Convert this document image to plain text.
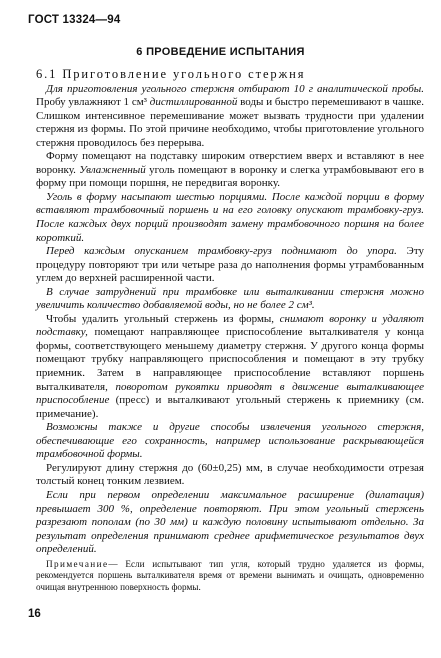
ГОСТ 13324—94
6 ПРОВЕДЕНИЕ ИСПЫТАНИЯ

6.1 Приготовление угольного стержня

Для приготовления угольного стержня отбирают 10 г аналитической пробы. Пробу увлажняют 1 см³ дистиллированной воды и быстро перемешивают в чашке. Слишком интенсивное перемешивание может вызвать трудности при удалении стержня из формы. По этой причине необходимо, чтобы приготовление угольного стержня проводилось без перерыва.

Форму помещают на подставку широким отверстием вверх и вставляют в нее воронку. Увлажненный уголь помещают в воронку и слегка утрамбовывают его в форму при помощи поршня, не передвигая воронку.

Уголь в форму насыпают шестью порциями. После каждой порции в форму вставляют трамбовочный поршень и на его головку опускают трамбовку-груз. После каждых двух порций производят замену трамбовочного поршня на более короткий.

Перед каждым опусканием трамбовку-груз поднимают до упора. Эту процедуру повторяют три или четыре раза до наполнения формы утрамбованным углем до верхней расширенной части.

В случае затруднений при трамбовке или выталкивании стержня можно увеличить количество добавляемой воды, но не более 2 см³.

Чтобы удалить угольный стержень из формы, снимают воронку и удаляют подставку, помещают направляющее приспособление выталкивателя у конца формы, соответствующего меньшему диаметру стержня. У другого конца формы помещают трубку направляющего приспособления и помещают в эту трубку приемник. Затем в направляющее приспособление вставляют поршень выталкивателя, поворотом рукоятки приводят в движение выталкивающее приспособление (пресс) и выталкивают угольный стержень к приемнику (см. примечание).

Возможны также и другие способы извлечения угольного стержня, обеспечивающие его сохранность, например использование раскрывающейся трамбовочной формы.

Регулируют длину стержня до (60±0,25) мм, в случае необходимости отрезая толстый конец тонким лезвием.

Если при первом определении максимальное расширение (дилатация) превышает 300 %, определение повторяют. При этом угольный стержень разрезают пополам (по 30 мм) и каждую половину испытывают отдельно. За результат определения принимают среднее арифметическое результатов двух определений.

Примечание— Если испытывают тип угля, который трудно удаляется из формы, рекомендуется поршень выталкивателя время от времени вынимать и очищать, одновременно очищая внутреннюю поверхность формы.

16
